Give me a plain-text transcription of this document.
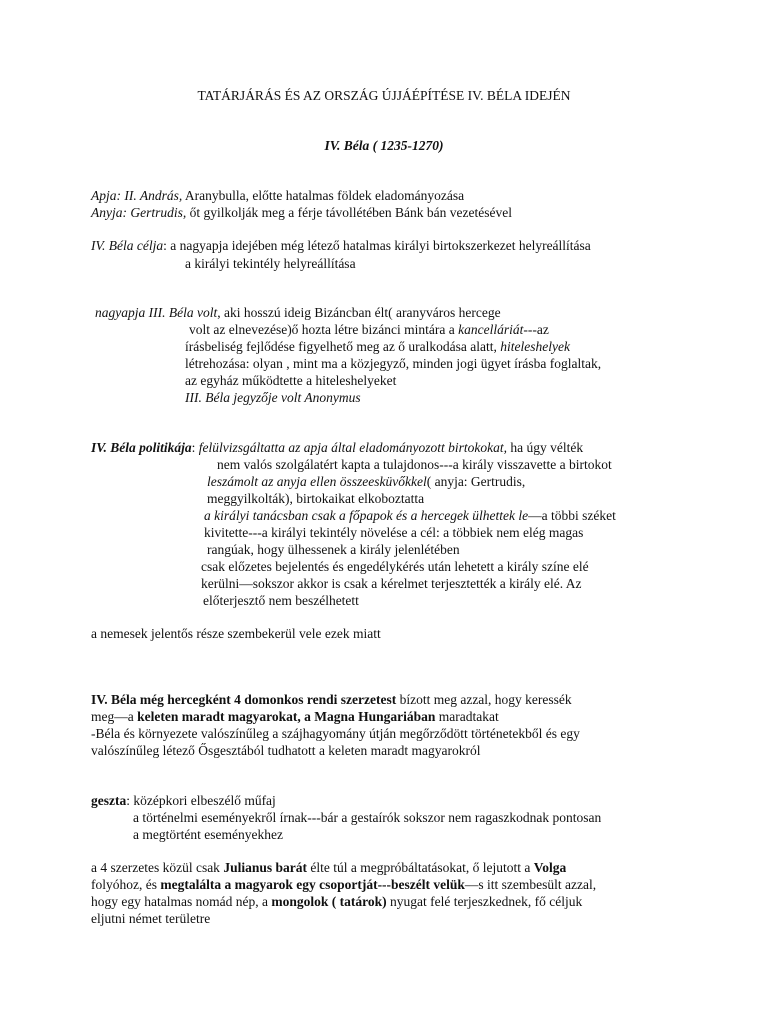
TATÁRJÁRÁS ÉS AZ ORSZÁG ÚJJÁÉPÍTÉSE IV. BÉLA IDEJÉN
IV. Béla ( 1235-1270)
Apja: II. András, Aranybulla, előtte hatalmas földek eladományozása
Anyja: Gertrudis, őt gyilkolják meg a férje távollétében Bánk bán vezetésével
IV. Béla célja: a nagyapja idejében még létező hatalmas királyi birtokszerkezet helyreállítása
a királyi tekintély helyreállítása
nagyapja III. Béla volt, aki hosszú ideig Bizáncban élt( aranyváros hercege
volt az elnevezése)ő hozta létre bizánci mintára a kancelláriát---az
írásbeliség fejlődése figyelhető meg az ő uralkodása alatt, hiteleshelyek
létrehozása: olyan , mint ma a közjegyző, minden jogi ügyet írásba foglaltak,
az egyház működtette a hiteleshelyeket
III. Béla jegyzője volt Anonymus
IV. Béla politikája: felülvizsgáltatta az apja által eladományozott birtokokat, ha úgy vélték
nem valós szolgálatért kapta a tulajdonos---a király visszavette a birtokot
leszámolt az anyja ellen összeesküvőkkel( anyja: Gertrudis,
meggyilkolták), birtokaikat elkoboztatta
a királyi tanácsban csak a főpapok és a hercegek ülhettek le—a többi széket
kivitette---a királyi tekintély növelése a cél: a többiek nem elég magas
rangúak, hogy ülhessenek a király jelenlétében
csak előzetes bejelentés és engedélykérés után lehetett a király színe elé
kerülni—sokszor akkor is csak a kérelmet terjesztették a király elé. Az
előterjesztő nem beszélhetett
a nemesek jelentős része szembekerül vele ezek miatt
IV. Béla még hercegként 4 domonkos rendi szerzetest bízott meg azzal, hogy keressék
meg—a keleten maradt magyarokat, a Magna Hungariában maradtakat
-Béla és környezete valószínűleg a szájhagyomány útján megőrződött történetekből és egy
valószínűleg létező Ősgesztából tudhatott a keleten maradt magyarokról
geszta: középkori elbeszélő műfaj
a történelmi eseményekről írnak---bár a gestaírók sokszor nem ragaszkodnak pontosan
a megtörtént eseményekhez
a 4 szerzetes közül csak Julianus barát élte túl a megpróbáltatásokat, ő lejutott a Volga
folyóhoz, és megtalálta a magyarok egy csoportját---beszélt velük—s itt szembesült azzal,
hogy egy hatalmas nomád nép, a mongolok ( tatárok) nyugat felé terjeszkednek, fő céljuk
eljutni német területre
